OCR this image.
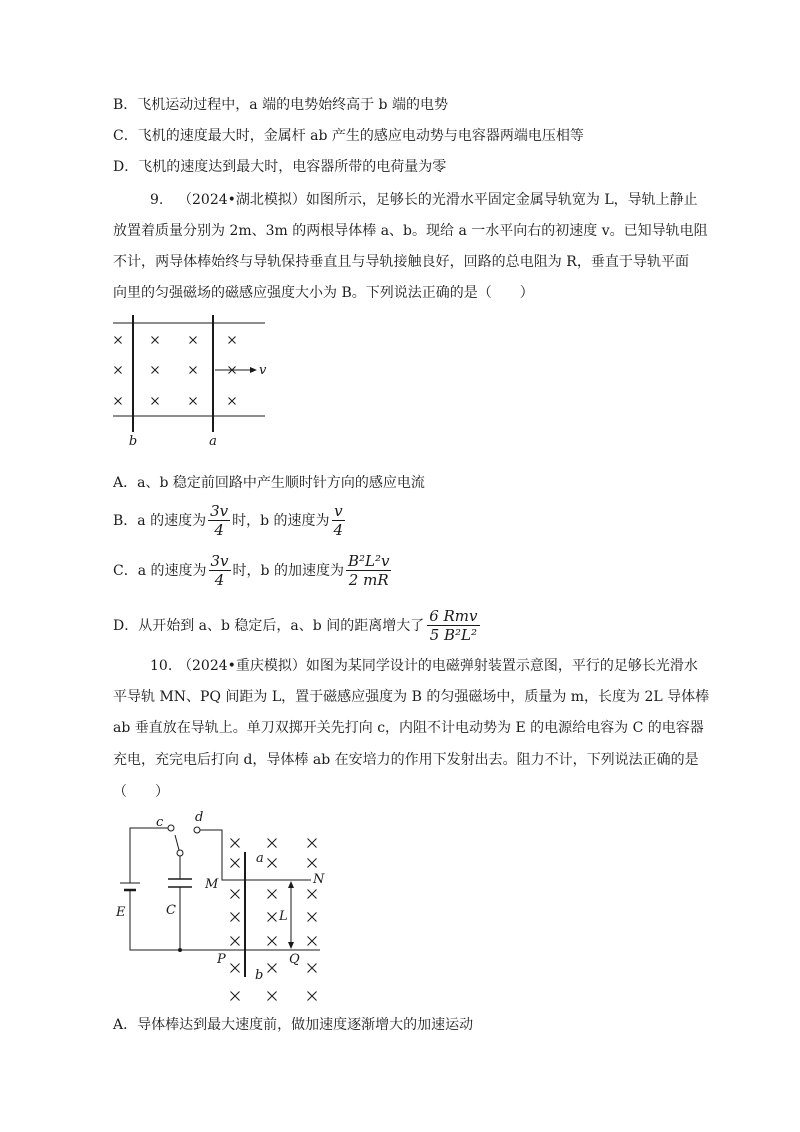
B．飞机运动过程中，a 端的电势始终高于 b 端的电势
C．飞机的速度最大时，金属杆 ab 产生的感应电动势与电容器两端电压相等
D．飞机的速度达到最大时，电容器所带的电荷量为零
9. （2024•湖北模拟）如图所示，足够长的光滑水平固定金属导轨宽为 L，导轨上静止
放置着质量分别为 2m、3m 的两根导体棒 a、b。现给 a 一水平向右的初速度 v。已知导轨电阻
不计，两导体棒始终与导轨保持垂直且与导轨接触良好，回路的总电阻为 R，垂直于导轨平面
向里的匀强磁场的磁感应强度大小为 B。下列说法正确的是（　　）
v
b	a
A．a、b 稳定前回路中产生顺时针方向的感应电流
B．a 的速度为 $\frac{3v}{4}$ 时，b 的速度为 $\frac{v}{4}$
C．a 的速度为 $\frac{3v}{4}$ 时，b 的加速度为 $\frac{\text{B²L²v}}{2 mR}$
D．从开始到 a、b 稳定后，a、b 间的距离增大了 $\frac{\text{6 Rmv}}{\text{5 B²L²}}$
10. （2024•重庆模拟）如图为某同学设计的电磁弹射装置示意图，平行的足够长光滑水
平导轨 MN、PQ 间距为 L，置于磁感应强度为 B 的匀强磁场中，质量为 m，长度为 2L 导体棒
ab 垂直放在导轨上。单刀双掷开关先打向 c，内阻不计电动势为 E 的电源给电容为 C 的电容器
充电，充完电后打向 d，导体棒 ab 在安培力的作用下发射出去。阻力不计，下列说法正确的是
（　　）
c d
E	C
M	N
P	Q
a
b
L
A．导体棒达到最大速度前，做加速度逐渐增大的加速运动
